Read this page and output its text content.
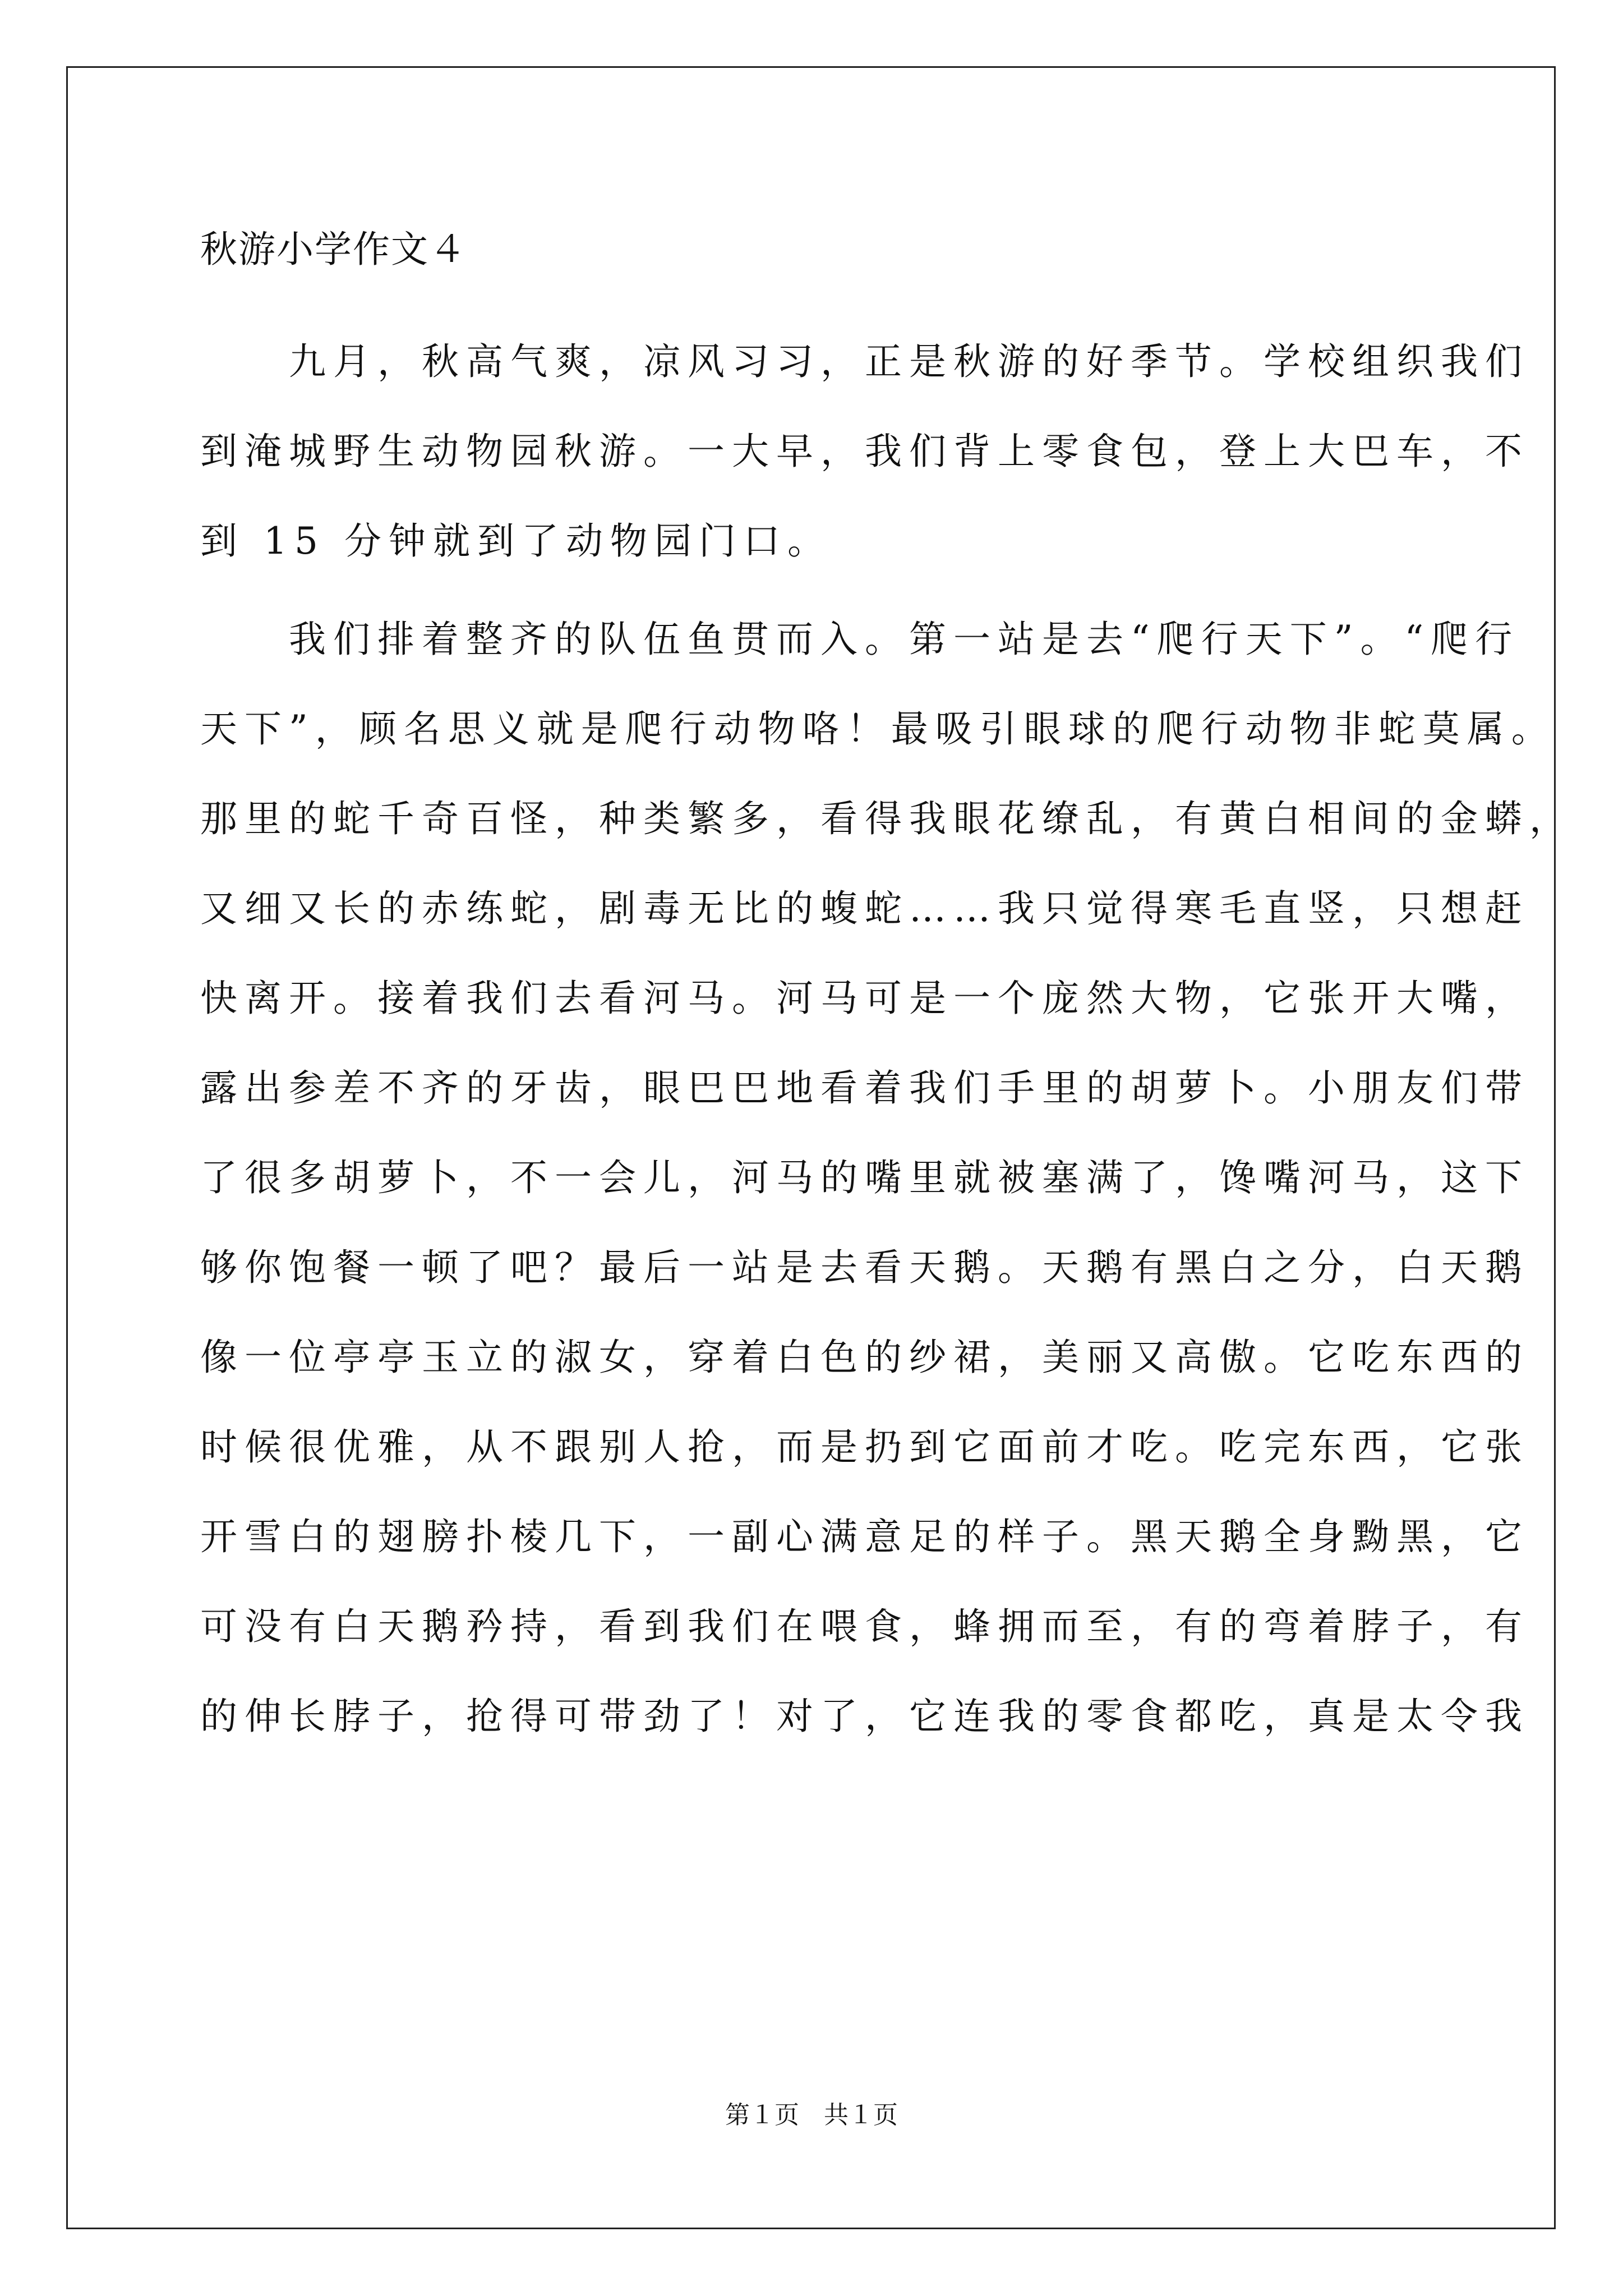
秋游小学作文４
　　九月，秋高气爽，凉风习习，正是秋游的好季节。学校组织我们
到淹城野生动物园秋游。一大早，我们背上零食包，登上大巴车，不
到 15 分钟就到了动物园门口。
　　我们排着整齐的队伍鱼贯而入。第一站是去“爬行天下”。“爬行
天下”，顾名思义就是爬行动物咯！最吸引眼球的爬行动物非蛇莫属。
那里的蛇千奇百怪，种类繁多，看得我眼花缭乱，有黄白相间的金蟒，
又细又长的赤练蛇，剧毒无比的蝮蛇……我只觉得寒毛直竖，只想赶
快离开。接着我们去看河马。河马可是一个庞然大物，它张开大嘴，
露出参差不齐的牙齿，眼巴巴地看着我们手里的胡萝卜。小朋友们带
了很多胡萝卜，不一会儿，河马的嘴里就被塞满了，馋嘴河马，这下
够你饱餐一顿了吧？最后一站是去看天鹅。天鹅有黑白之分，白天鹅
像一位亭亭玉立的淑女，穿着白色的纱裙，美丽又高傲。它吃东西的
时候很优雅，从不跟别人抢，而是扔到它面前才吃。吃完东西，它张
开雪白的翅膀扑棱几下，一副心满意足的样子。黑天鹅全身黝黑，它
可没有白天鹅矜持，看到我们在喂食，蜂拥而至，有的弯着脖子，有
的伸长脖子，抢得可带劲了！对了，它连我的零食都吃，真是太令我
第１页　共１页
